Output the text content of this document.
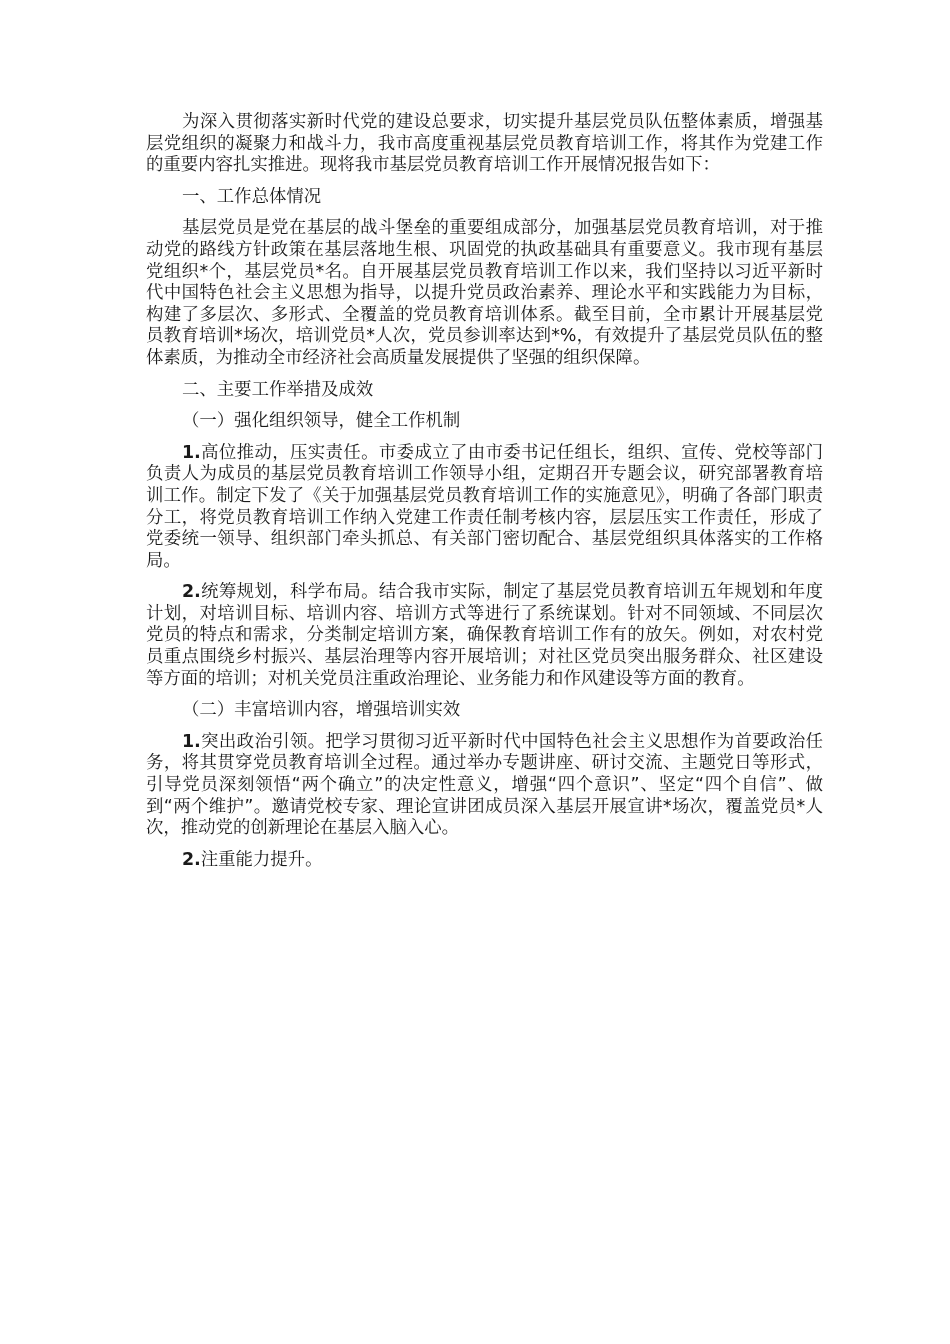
为深入贯彻落实新时代党的建设总要求，切实提升基层党员队伍整体素质，增强基层党组织的凝聚力和战斗力，我市高度重视基层党员教育培训工作，将其作为党建工作的重要内容扎实推进。现将我市基层党员教育培训工作开展情况报告如下：

一、工作总体情况

基层党员是党在基层的战斗堡垒的重要组成部分，加强基层党员教育培训，对于推动党的路线方针政策在基层落地生根、巩固党的执政基础具有重要意义。我市现有基层党组织*个，基层党员*名。自开展基层党员教育培训工作以来，我们坚持以习近平新时代中国特色社会主义思想为指导，以提升党员政治素养、理论水平和实践能力为目标，构建了多层次、多形式、全覆盖的党员教育培训体系。截至目前，全市累计开展基层党员教育培训*场次，培训党员*人次，党员参训率达到*%，有效提升了基层党员队伍的整体素质，为推动全市经济社会高质量发展提供了坚强的组织保障。

二、主要工作举措及成效

（一）强化组织领导，健全工作机制

1.高位推动，压实责任。市委成立了由市委书记任组长，组织、宣传、党校等部门负责人为成员的基层党员教育培训工作领导小组，定期召开专题会议，研究部署教育培训工作。制定下发了《关于加强基层党员教育培训工作的实施意见》，明确了各部门职责分工，将党员教育培训工作纳入党建工作责任制考核内容，层层压实工作责任，形成了党委统一领导、组织部门牵头抓总、有关部门密切配合、基层党组织具体落实的工作格局。

2.统筹规划，科学布局。结合我市实际，制定了基层党员教育培训五年规划和年度计划，对培训目标、培训内容、培训方式等进行了系统谋划。针对不同领域、不同层次党员的特点和需求，分类制定培训方案，确保教育培训工作有的放矢。例如，对农村党员重点围绕乡村振兴、基层治理等内容开展培训；对社区党员突出服务群众、社区建设等方面的培训；对机关党员注重政治理论、业务能力和作风建设等方面的教育。

（二）丰富培训内容，增强培训实效

1.突出政治引领。把学习贯彻习近平新时代中国特色社会主义思想作为首要政治任务，将其贯穿党员教育培训全过程。通过举办专题讲座、研讨交流、主题党日等形式，引导党员深刻领悟“两个确立”的决定性意义，增强“四个意识”、坚定“四个自信”、做到“两个维护”。邀请党校专家、理论宣讲团成员深入基层开展宣讲*场次，覆盖党员*人次，推动党的创新理论在基层入脑入心。

2.注重能力提升。
